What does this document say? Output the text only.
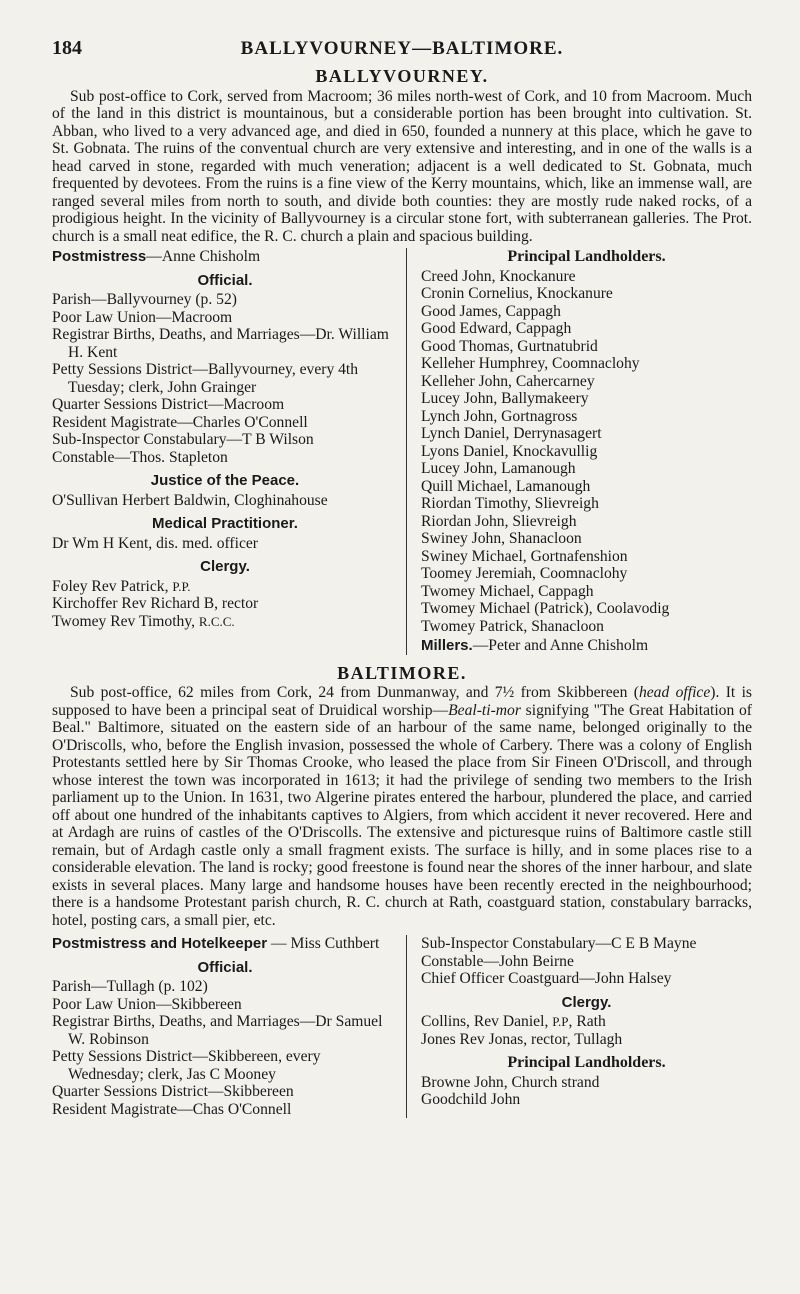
184	BALLYVOURNEY—BALTIMORE.
BALLYVOURNEY.

Sub post-office to Cork, served from Macroom; 36 miles north-west of Cork, and 10 from Macroom. Much of the land in this district is mountainous, but a considerable portion has been brought into cultivation. St. Abban, who lived to a very advanced age, and died in 650, founded a nunnery at this place, which he gave to St. Gobnata. The ruins of the conventual church are very extensive and interesting, and in one of the walls is a head carved in stone, regarded with much veneration; adjacent is a well dedicated to St. Gobnata, much frequented by devotees. From the ruins is a fine view of the Kerry mountains, which, like an immense wall, are ranged several miles from north to south, and divide both counties: they are mostly rude naked rocks, of a prodigious height. In the vicinity of Ballyvourney is a circular stone fort, with subterranean galleries. The Prot. church is a small neat edifice, the R. C. church a plain and spacious building.

Postmistress—Anne Chisholm

Official.

Parish—Ballyvourney (p. 52)

Poor Law Union—Macroom

Registrar Births, Deaths, and Marriages—Dr. William H. Kent

Petty Sessions District—Ballyvourney, every 4th Tuesday; clerk, John Grainger

Quarter Sessions District—Macroom

Resident Magistrate—Charles O'Connell

Sub-Inspector Constabulary—T B Wilson

Constable—Thos. Stapleton

Justice of the Peace.

O'Sullivan Herbert Baldwin, Cloghinahouse

Medical Practitioner.

Dr Wm H Kent, dis. med. officer

Clergy.

Foley Rev Patrick, P.P.

Kirchoffer Rev Richard B, rector

Twomey Rev Timothy, R.C.C.

Principal Landholders.

Creed John, Knockanure

Cronin Cornelius, Knockanure

Good James, Cappagh

Good Edward, Cappagh

Good Thomas, Gurtnatubrid

Kelleher Humphrey, Coomnaclohy

Kelleher John, Cahercarney

Lucey John, Ballymakeery

Lynch John, Gortnagross

Lynch Daniel, Derrynasagert

Lyons Daniel, Knockavullig

Lucey John, Lamanough

Quill Michael, Lamanough

Riordan Timothy, Slievreigh

Riordan John, Slievreigh

Swiney John, Shanacloon

Swiney Michael, Gortnafenshion

Toomey Jeremiah, Coomnaclohy

Twomey Michael, Cappagh

Twomey Michael (Patrick), Coolavodig

Twomey Patrick, Shanacloon

Millers.—Peter and Anne Chisholm

BALTIMORE.

Sub post-office, 62 miles from Cork, 24 from Dunmanway, and 7½ from Skibbereen (head office). It is supposed to have been a principal seat of Druidical worship—Beal-ti-mor signifying "The Great Habitation of Beal." Baltimore, situated on the eastern side of an harbour of the same name, belonged originally to the O'Driscolls, who, before the English invasion, possessed the whole of Carbery. There was a colony of English Protestants settled here by Sir Thomas Crooke, who leased the place from Sir Fineen O'Driscoll, and through whose interest the town was incorporated in 1613; it had the privilege of sending two members to the Irish parliament up to the Union. In 1631, two Algerine pirates entered the harbour, plundered the place, and carried off about one hundred of the inhabitants captives to Algiers, from which accident it never recovered. Here and at Ardagh are ruins of castles of the O'Driscolls. The extensive and picturesque ruins of Baltimore castle still remain, but of Ardagh castle only a small fragment exists. The surface is hilly, and in some places rise to a considerable elevation. The land is rocky; good freestone is found near the shores of the inner harbour, and slate exists in several places. Many large and handsome houses have been recently erected in the neighbourhood; there is a handsome Protestant parish church, R. C. church at Rath, coastguard station, constabulary barracks, hotel, posting cars, a small pier, etc.

Postmistress and Hotelkeeper — Miss Cuthbert

Official.

Parish—Tullagh (p. 102)

Poor Law Union—Skibbereen

Registrar Births, Deaths, and Marriages—Dr Samuel W. Robinson

Petty Sessions District—Skibbereen, every Wednesday; clerk, Jas C Mooney

Quarter Sessions District—Skibbereen

Resident Magistrate—Chas O'Connell

Sub-Inspector Constabulary—C E B Mayne

Constable—John Beirne

Chief Officer Coastguard—John Halsey

Clergy.

Collins, Rev Daniel, P.P, Rath

Jones Rev Jonas, rector, Tullagh

Principal Landholders.

Browne John, Church strand

Goodchild John
